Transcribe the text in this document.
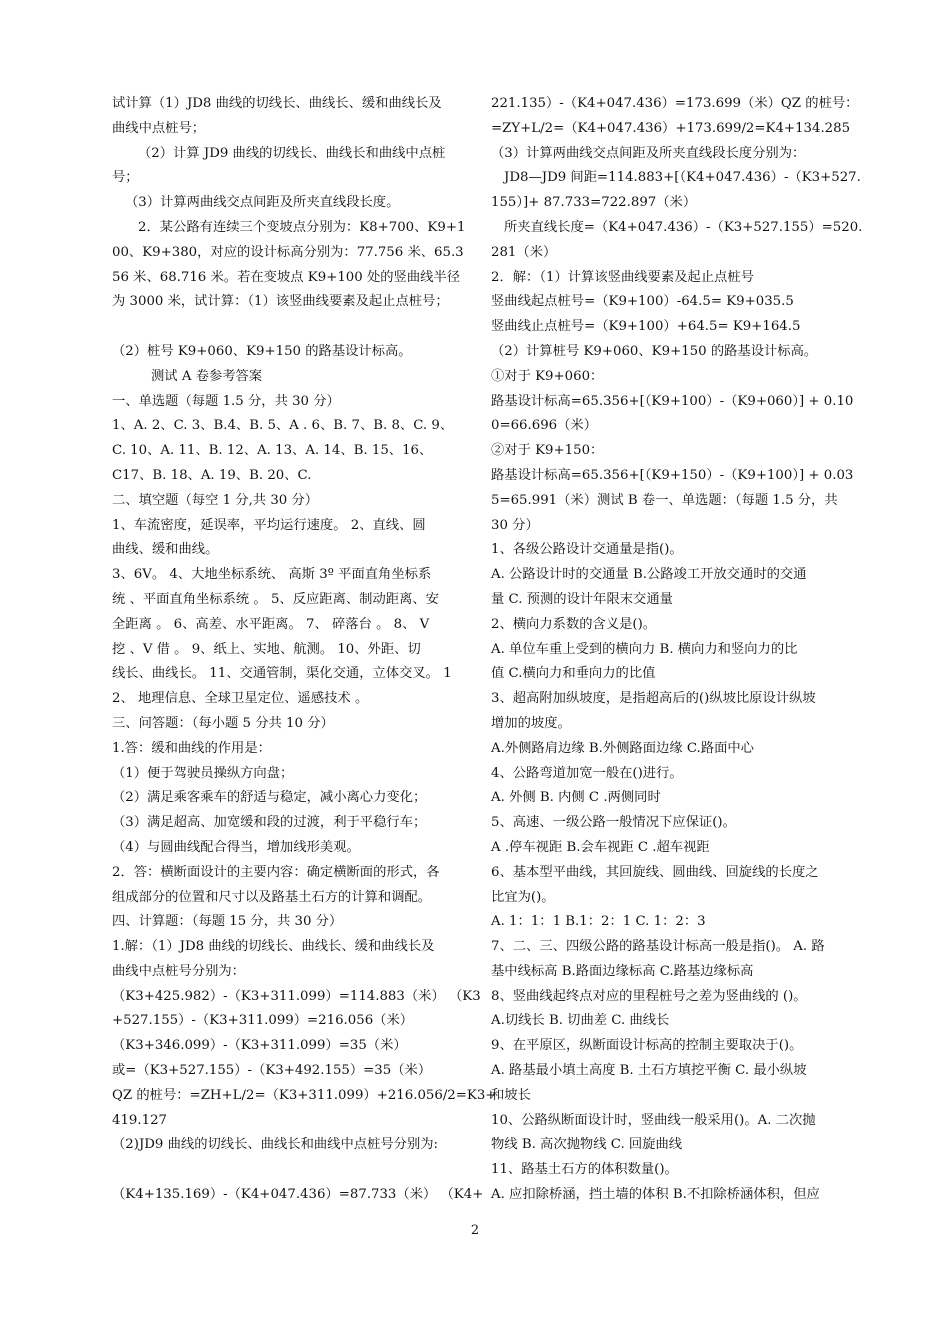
试计算（1）JD8 曲线的切线长、曲线长、缓和曲线长及
曲线中点桩号；
（2）计算 JD9 曲线的切线长、曲线长和曲线中点桩
号；
（3）计算两曲线交点间距及所夹直线段长度。
2．某公路有连续三个变坡点分别为：K8+700、K9+1
00、K9+380，对应的设计标高分别为：77.756 米、65.3
56 米、68.716 米。若在变坡点 K9+100 处的竖曲线半径
为 3000 米，试计算：（1）该竖曲线要素及起止点桩号；
（2）桩号 K9+060、K9+150 的路基设计标高。
测试 A 卷参考答案
一、单选题（每题 1.5 分，共 30 分）
1、A. 2、C. 3、B.4、B. 5、A . 6、B. 7、B. 8、C. 9、
C. 10、A. 11、B. 12、A. 13、A. 14、B. 15、16、
C17、B. 18、A. 19、B. 20、C.
二、填空题（每空 1 分,共 30 分）
1、车流密度，延误率，平均运行速度。 2、直线、圆
曲线、缓和曲线。
3、6V。 4、大地坐标系统、 高斯 3º 平面直角坐标系
统 、平面直角坐标系统 。 5、反应距离、制动距离、安
全距离 。 6、高差、水平距离。 7、 碎落台 。 8、 V
挖 、V 借 。 9、纸上、实地、航测。 10、外距、切
线长、曲线长。 11、交通管制，渠化交通，立体交叉。 1
2、 地理信息、全球卫星定位、遥感技术 。
三、问答题：（每小题 5 分共 10 分）
1.答：缓和曲线的作用是：
（1）便于驾驶员操纵方向盘；
（2）满足乘客乘车的舒适与稳定，减小离心力变化；
（3）满足超高、加宽缓和段的过渡，利于平稳行车；
（4）与圆曲线配合得当，增加线形美观。
2．答：横断面设计的主要内容：确定横断面的形式，各
组成部分的位置和尺寸以及路基土石方的计算和调配。
四、计算题：（每题 15 分，共 30 分）
1.解：（1）JD8 曲线的切线长、曲线长、缓和曲线长及
曲线中点桩号分别为：
（K3+425.982）-（K3+311.099）=114.883（米） （K3
+527.155）-（K3+311.099）=216.056（米）
（K3+346.099）-（K3+311.099）=35（米）
或=（K3+527.155）-（K3+492.155）=35（米）
QZ 的桩号：=ZH+L/2=（K3+311.099）+216.056/2=K3+
419.127
（2)JD9 曲线的切线长、曲线长和曲线中点桩号分别为:
（K4+135.169）-（K4+047.436）=87.733（米） （K4+
221.135）-（K4+047.436）=173.699（米）QZ 的桩号：
=ZY+L/2=（K4+047.436）+173.699/2=K4+134.285
（3）计算两曲线交点间距及所夹直线段长度分别为：
JD8—JD9 间距=114.883+[（K4+047.436）-（K3+527.
155）]+ 87.733=722.897（米）
所夹直线长度=（K4+047.436）-（K3+527.155）=520.
281（米）
2．解：（1）计算该竖曲线要素及起止点桩号
竖曲线起点桩号=（K9+100）-64.5= K9+035.5
竖曲线止点桩号=（K9+100）+64.5= K9+164.5
（2）计算桩号 K9+060、K9+150 的路基设计标高。
①对于 K9+060：
路基设计标高=65.356+[（K9+100）-（K9+060）] + 0.10
0=66.696（米）
②对于 K9+150：
路基设计标高=65.356+[（K9+150）-（K9+100）] + 0.03
5=65.991（米）测试 B 卷一、单选题：（每题 1.5 分，共
30 分）
1、各级公路设计交通量是指()。
A. 公路设计时的交通量 B.公路竣工开放交通时的交通
量 C. 预测的设计年限末交通量
2、横向力系数的含义是()。
A. 单位车重上受到的横向力 B. 横向力和竖向力的比
值 C.横向力和垂向力的比值
3、超高附加纵坡度，是指超高后的()纵坡比原设计纵坡
增加的坡度。
A.外侧路肩边缘 B.外侧路面边缘 C.路面中心
4、公路弯道加宽一般在()进行。
A. 外侧 B. 内侧 C .两侧同时
5、高速、一级公路一般情况下应保证()。
A .停车视距 B.会车视距 C .超车视距
6、基本型平曲线，其回旋线、圆曲线、回旋线的长度之
比宜为()。
A. 1：1：1 B.1：2：1 C. 1：2：3
7、二、三、四级公路的路基设计标高一般是指()。 A. 路
基中线标高 B.路面边缘标高 C.路基边缘标高
8、竖曲线起终点对应的里程桩号之差为竖曲线的 ()。
A.切线长 B. 切曲差 C. 曲线长
9、在平原区，纵断面设计标高的控制主要取决于()。
A. 路基最小填土高度 B. 土石方填挖平衡 C. 最小纵坡
和坡长
10、公路纵断面设计时，竖曲线一般采用()。A. 二次抛
物线 B. 高次抛物线 C. 回旋曲线
11、路基土石方的体积数量()。
A. 应扣除桥涵，挡土墙的体积 B.不扣除桥涵体积，但应
2
